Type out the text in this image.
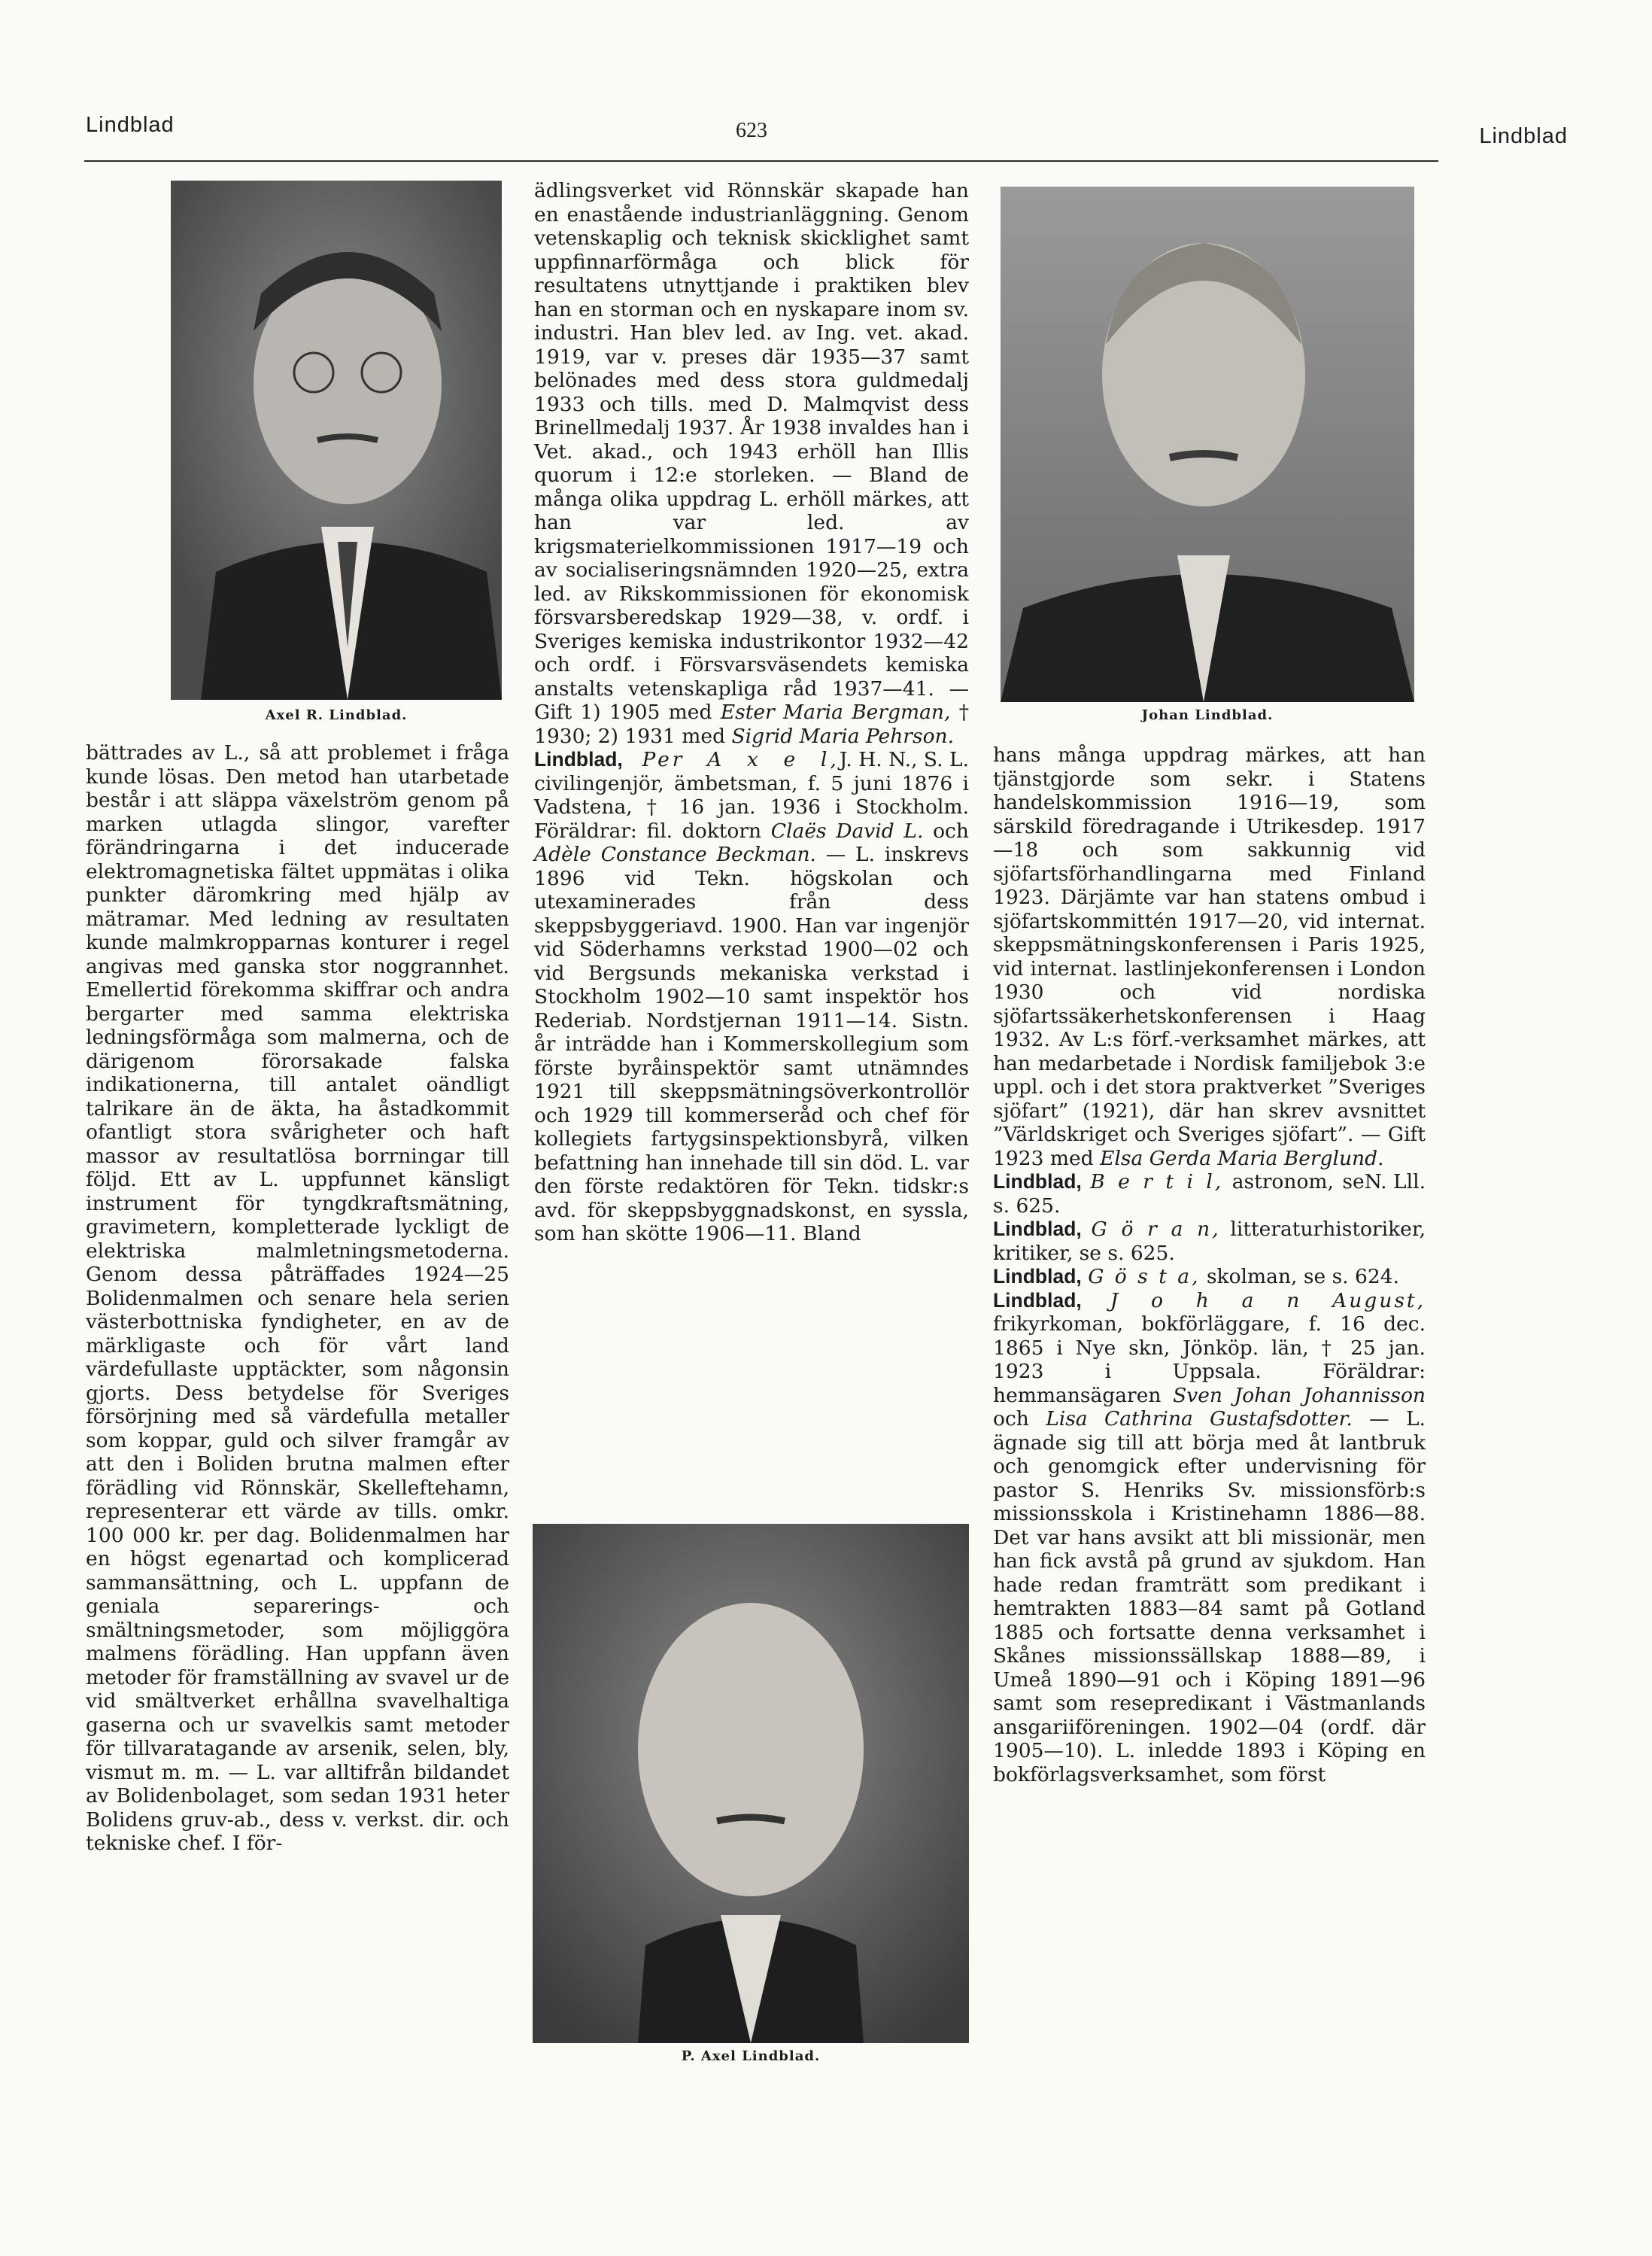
Lindblad	623	Lindblad
Axel R. Lindblad.	Johan Lindblad.
P. Axel Lindblad.

ädlingsverket vid Rönnskär skapade han en enastående industrianläggning. Genom vetenskaplig och teknisk skicklighet samt uppfinnarförmåga och blick för resultatens utnyttjande i praktiken blev han en storman och en nyskapare inom sv. industri. Han blev led. av Ing. vet. akad. 1919, var v. preses där 1935—37 samt belönades med dess stora guldmedalj 1933 och tills. med D. Malmqvist dess Brinellmedalj 1937. År 1938 invaldes han i Vet. akad., och 1943 erhöll han Illis quorum i 12:e storleken. — Bland de många olika uppdrag L. erhöll märkes, att han var led. av krigsmaterielkommissionen 1917—19 och av socialiseringsnämnden 1920—25, extra led. av Rikskommissionen för ekonomisk försvarsberedskap 1929—38, v. ordf. i Sveriges kemiska industrikontor 1932—42 och ordf. i Försvarsväsendets kemiska anstalts vetenskapliga råd 1937—41. — Gift 1) 1905 med Ester Maria Bergman, † 1930; 2) 1931 med Sigrid Maria Pehrson.
J. H. N., S. L.

Lindblad, Per A x e l, civilingenjör, ämbetsman, f. 5 juni 1876 i Vadstena, † 16 jan. 1936 i Stockholm. Föräldrar: fil. doktorn Claës David L. och Adèle Constance Beckman. — L. inskrevs 1896 vid Tekn. högskolan och utexaminerades från dess skeppsbyggeriavd. 1900. Han var ingenjör vid Söderhamns verkstad 1900—02 och vid Bergsunds mekaniska verkstad i Stockholm 1902—10 samt inspektör hos Rederiab. Nordstjernan 1911—14. Sistn. år inträdde han i Kommerskollegium som förste byråinspektör samt utnämndes 1921 till skeppsmätningsöverkontrollör och 1929 till kommerseråd och chef för kollegiets fartygsinspektionsbyrå, vilken befattning han innehade till sin död. L. var den förste redaktören för Tekn. tidskr:s avd. för skeppsbyggnadskonst, en syssla, som han skötte 1906—11. Bland

bättrades av L., så att problemet i fråga kunde lösas. Den metod han utarbetade består i att släppa växelström genom på marken utlagda slingor, varefter förändringarna i det inducerade elektromagnetiska fältet uppmätas i olika punkter däromkring med hjälp av mätramar. Med ledning av resultaten kunde malmkropparnas konturer i regel angivas med ganska stor noggrannhet. Emellertid förekomma skiffrar och andra bergarter med samma elektriska ledningsförmåga som malmerna, och de därigenom förorsakade falska indikationerna, till antalet oändligt talrikare än de äkta, ha åstadkommit ofantligt stora svårigheter och haft massor av resultatlösa borrningar till följd. Ett av L. uppfunnet känsligt instrument för tyngdkraftsmätning, gravimetern, kompletterade lyckligt de elektriska malmletningsmetoderna. Genom dessa påträffades 1924—25 Bolidenmalmen och senare hela serien västerbottniska fyndigheter, en av de märkligaste och för vårt land värdefullaste upptäckter, som någonsin gjorts. Dess betydelse för Sveriges försörjning med så värdefulla metaller som koppar, guld och silver framgår av att den i Boliden brutna malmen efter förädling vid Rönnskär, Skelleftehamn, representerar ett värde av tills. omkr. 100 000 kr. per dag. Bolidenmalmen har en högst egenartad och komplicerad sammansättning, och L. uppfann de geniala separerings- och smältningsmetoder, som möjliggöra malmens förädling. Han uppfann även metoder för framställning av svavel ur de vid smältverket erhållna svavelhaltiga gaserna och ur svavelkis samt metoder för tillvaratagande av arsenik, selen, bly, vismut m. m. — L. var alltifrån bildandet av Bolidenbolaget, som sedan 1931 heter Bolidens gruv-ab., dess v. verkst. dir. och tekniske chef. I för-

hans många uppdrag märkes, att han tjänstgjorde som sekr. i Statens handelskommission 1916—19, som särskild föredragande i Utrikesdep. 1917—18 och som sakkunnig vid sjöfartsförhandlingarna med Finland 1923. Därjämte var han statens ombud i sjöfartskommittén 1917—20, vid internat. skeppsmätningskonferensen i Paris 1925, vid internat. lastlinjekonferensen i London 1930 och vid nordiska sjöfartssäkerhetskonferensen i Haag 1932. Av L:s förf.-verksamhet märkes, att han medarbetade i Nordisk familjebok 3:e uppl. och i det stora praktverket ”Sveriges sjöfart” (1921), där han skrev avsnittet ”Världskriget och Sveriges sjöfart”. — Gift 1923 med Elsa Gerda Maria Berglund.
N. Lll.

Lindblad, B e r t i l, astronom, se s. 625.

Lindblad, G ö r a n, litteraturhistoriker, kritiker, se s. 625.

Lindblad, G ö s t a, skolman, se s. 624.

Lindblad, J o h a n August, frikyrkoman, bokförläggare, f. 16 dec. 1865 i Nye skn, Jönköp. län, † 25 jan. 1923 i Uppsala. Föräldrar: hemmansägaren Sven Johan Johannisson och Lisa Cathrina Gustafsdotter. — L. ägnade sig till att börja med åt lantbruk och genomgick efter undervisning för pastor S. Henriks Sv. missionsförb:s missionsskola i Kristinehamn 1886—88. Det var hans avsikt att bli missionär, men han fick avstå på grund av sjukdom. Han hade redan framträtt som predikant i hemtrakten 1883—84 samt på Gotland 1885 och fortsatte denna verksamhet i Skånes missionssällskap 1888—89, i Umeå 1890—91 och i Köping 1891—96 samt som reseprediкant i Västmanlands ansgariiföreningen. 1902—04 (ordf. där 1905—10). L. inledde 1893 i Köping en bokförlagsverksamhet, som först
